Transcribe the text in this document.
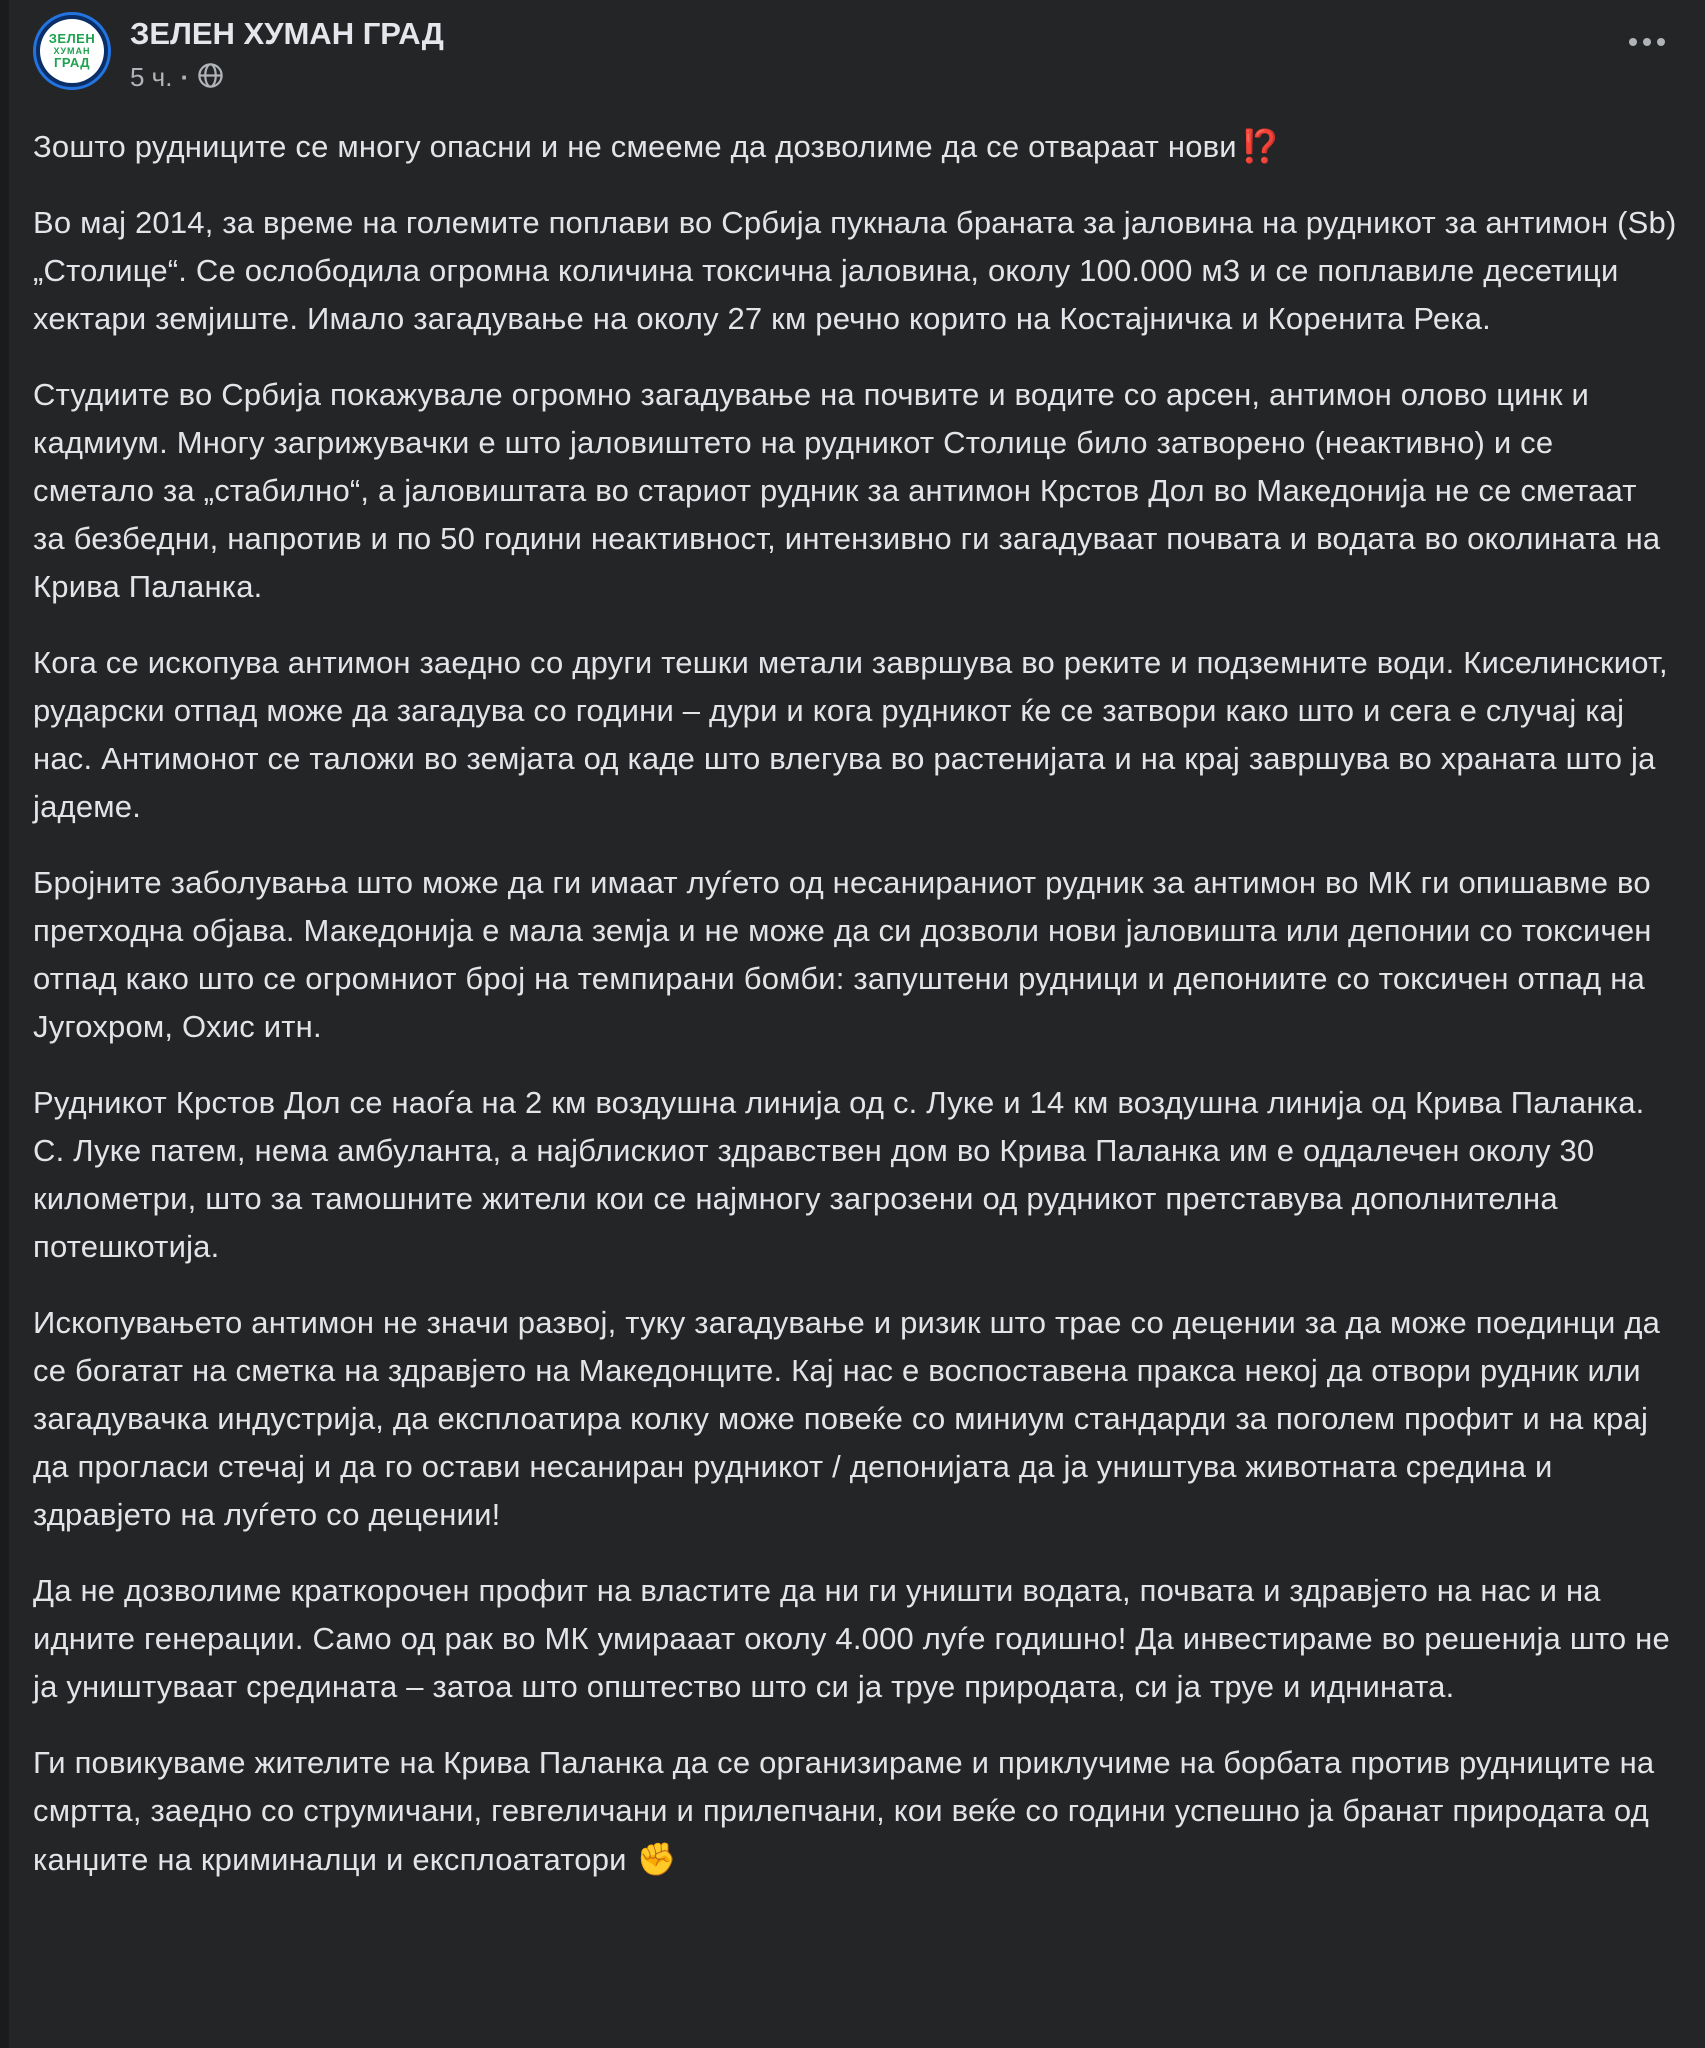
ЗЕЛЕН
ХУМАН
ГРАД
ЗЕЛЕН ХУМАН ГРАД
5 ч. ·

Зошто рудниците се многу опасни и не смееме да дозволиме да се отвараат нови ⁉️

Во мај 2014, за време на големите поплави во Србија пукнала браната за јаловина на рудникот за антимон (Sb) „Столице“. Се ослободила огромна количина токсична јаловина, околу 100.000 м3 и се поплавиле десетици хектари земјиште. Имало загадување на околу 27 км речно корито на Костајничка и Коренита Река.

Студиите во Србија покажувале огромно загадување на почвите и водите со арсен, антимон олово цинк и кадмиум. Многу загрижувачки е што јаловиштето на рудникот Столице било затворено (неактивно) и се сметало за „стабилно“, а јаловиштата во стариот рудник за антимон Крстов Дол во Македонија не се сметаат за безбедни, напротив и по 50 години неактивност, интензивно ги загадуваат почвата и водата во околината на Крива Паланка.

Кога се ископува антимон заедно со други тешки метали завршува во реките и подземните води. Киселинскиот, рударски отпад може да загадува со години – дури и кога рудникот ќе се затвори како што и сега е случај кај нас. Антимонот се таложи во земјата од каде што влегува во растенијата и на крај завршува во храната што ја јадеме.

Бројните заболувања што може да ги имаат луѓето од несанираниот рудник за антимон во МК ги опишавме во претходна објава. Македонија е мала земја и не може да си дозволи нови јаловишта или депонии со токсичен отпад како што се огромниот број на темпирани бомби: запуштени рудници и депониите со токсичен отпад на Југохром, Охис итн.

Рудникот Крстов Дол се наоѓа на 2 км воздушна линија од с. Луке и 14 км воздушна линија од Крива Паланка. С. Луке патем, нема амбуланта, а најблискиот здравствен дом во Крива Паланка им е оддалечен околу 30 километри, што за тамошните жители кои се најмногу загрозени од рудникот претставува дополнителна потешкотија.

Ископувањето антимон не значи развој, туку загадување и ризик што трае со децении за да може поединци да се богатат на сметка на здравјето на Македонците. Кај нас е воспоставена пракса некој да отвори рудник или загадувачка индустрија, да експлоатира колку може повеќе со миниум стандарди за поголем профит и на крај да прогласи стечај и да го остави несаниран рудникот / депонијата да ја уништува животната средина и здравјето на луѓето со децении!

Да не дозволиме краткорочен профит на властите да ни ги уништи водата, почвата и здравјето на нас и на идните генерации. Само од рак во МК умирааат околу 4.000 луѓе годишно! Да инвестираме во решенија што не ја уништуваат средината – затоа што општество што си ја труе природата, си ја труе и иднината.

Ги повикуваме жителите на Крива Паланка да се организираме и приклучиме на борбата против рудниците на смртта, заедно со струмичани, гевгеличани и прилепчани, кои веќе со години успешно ја бранат природата од канџите на криминалци и експлоататори ✊
